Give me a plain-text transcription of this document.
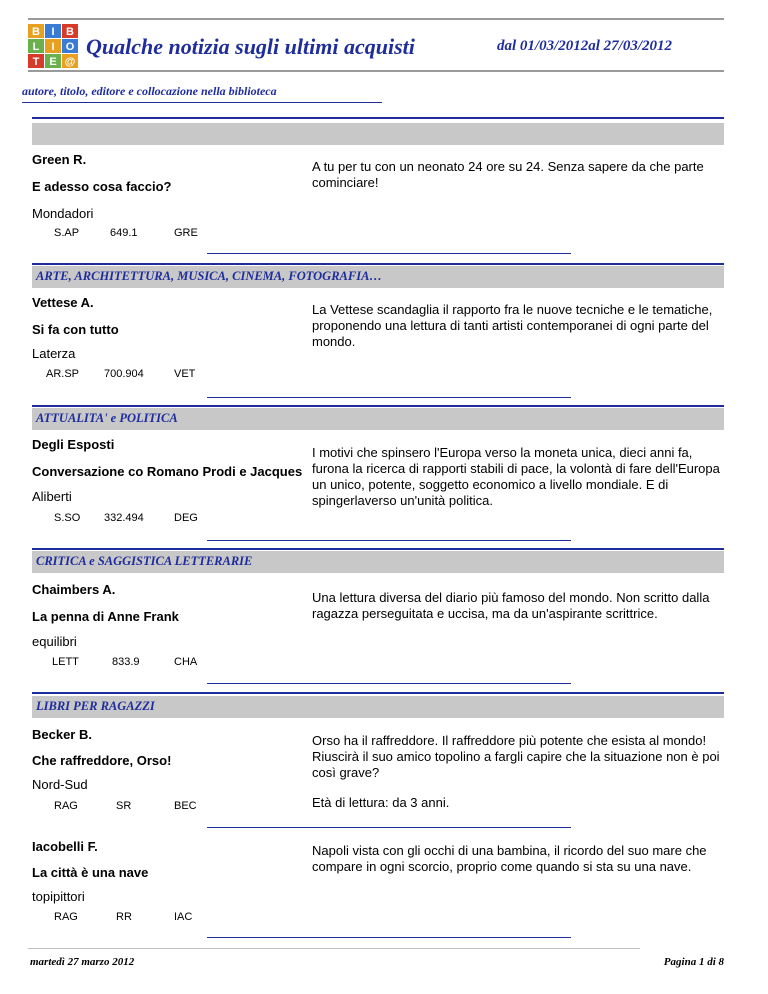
B I B
L I O
T E @
Qualche notizia sugli ultimi acquisti	dal 01/03/2012al 27/03/2012
autore, titolo, editore e collocazione nella biblioteca
Green R.
E adesso cosa faccio?
Mondadori
S.AP	649.1	GRE
A tu per tu con un neonato 24 ore su 24. Senza sapere da che parte cominciare!
ARTE, ARCHITETTURA, MUSICA, CINEMA, FOTOGRAFIA…
Vettese A.
Si fa con tutto
Laterza
AR.SP 700.904	VET
La Vettese scandaglia il rapporto fra le nuove tecniche e le tematiche, proponendo una lettura di tanti artisti contemporanei di ogni parte del mondo.
ATTUALITA' e POLITICA
Degli Esposti
Conversazione co Romano Prodi e Jacques
Aliberti
S.SO 332.494	DEG
I motivi che spinsero l'Europa verso la moneta unica, dieci anni fa, furona la ricerca di rapporti stabili di pace, la volontà di fare dell'Europa un unico, potente, soggetto economico a livello mondiale. E di spingerlaverso un'unità politica.
CRITICA e SAGGISTICA LETTERARIE
Chaimbers A.
La penna di Anne Frank
equilibri
LETT	833.9	CHA
Una lettura diversa del diario più famoso del mondo. Non scritto dalla ragazza perseguitata e uccisa, ma da un'aspirante scrittrice.
LIBRI PER RAGAZZI
Becker B.
Che raffreddore, Orso!
Nord-Sud
RAG	SR	BEC
Orso ha il raffreddore. Il raffreddore più potente che esista al mondo! Riuscirà il suo amico topolino a fargli capire che la situazione non è poi così grave?
Età di lettura: da 3 anni.
Iacobelli F.
La città è una nave
topipittori
RAG	RR	IAC
Napoli vista con gli occhi di una bambina, il ricordo del suo mare che compare in ogni scorcio, proprio come quando si sta su una nave.
martedì 27 marzo 2012	Pagina 1 di 8
